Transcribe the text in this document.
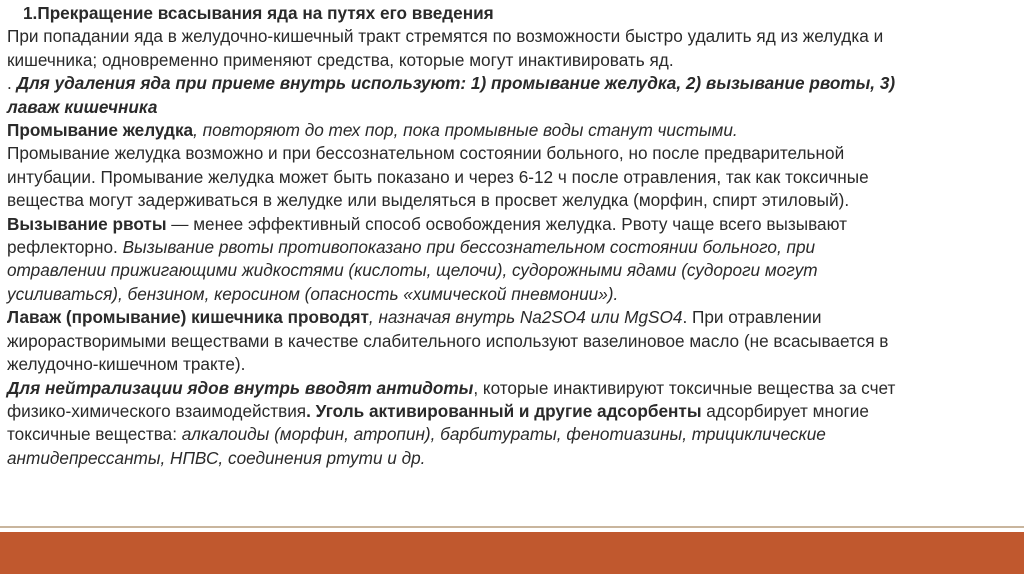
1.Прекращение всасывания яда на путях его введения
При попадании яда в желудочно-кишечный тракт стремятся по возможности быстро удалить яд из желудка и
кишечника; одновременно применяют средства, которые могут инактивировать яд.
. Для удаления яда при приеме внутрь используют: 1) промывание желудка, 2) вызывание рвоты, 3)
лаваж кишечника
Промывание желудка, повторяют до тех пор, пока промывные воды станут чистыми.
Промывание желудка возможно и при бессознательном состоянии больного, но после предварительной
интубации. Промывание желудка может быть показано и через 6-12 ч после отравления, так как токсичные
вещества могут задерживаться в желудке или выделяться в просвет желудка (морфин, спирт этиловый).
Вызывание рвоты — менее эффективный способ освобождения желудка. Рвоту чаще всего вызывают
рефлекторно. Вызывание рвоты противопоказано при бессознательном состоянии больного, при
отравлении прижигающими жидкостями (кислоты, щелочи), судорожными ядами (судороги могут
усиливаться), бензином, керосином (опасность «химической пневмонии»).
Лаваж (промывание) кишечника проводят, назначая внутрь Na2SO4 или MgSO4. При отравлении
жирорастворимыми веществами в качестве слабительного используют вазелиновое масло (не всасывается в
желудочно-кишечном тракте).
Для нейтрализации ядов внутрь вводят антидоты, которые инактивируют токсичные вещества за счет
физико-химического взаимодействия. Уголь активированный и другие адсорбенты адсорбирует многие
токсичные вещества: алкалоиды (морфин, атропин), барбитураты, фенотиазины, трициклические
антидепрессанты, НПВС, соединения ртути и др.
